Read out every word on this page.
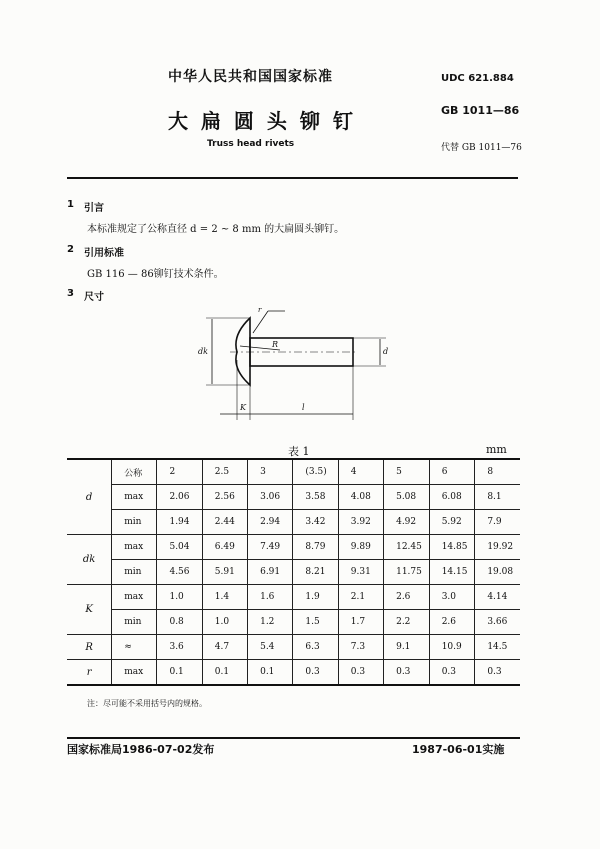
中华人民共和国国家标准
大 扁 圆 头 铆 钉
Truss head rivets
UDC 621.884
GB 1011—86
代替 GB 1011—76
1 引言
本标准规定了公称直径 d = 2 ~ 8 mm 的大扁圆头铆钉。
2 引用标准
GB 116 — 86铆钉技术条件。
3 尺寸
r
R
dk	d
K	l
表 1	mm
d	公称	2	2.5	3	(3.5)	4	5	6	8
	max	2.06	2.56	3.06	3.58	4.08	5.08	6.08	8.1
	min	1.94	2.44	2.94	3.42	3.92	4.92	5.92	7.9
dk	max	5.04	6.49	7.49	8.79	9.89	12.45	14.85	19.92
	min	4.56	5.91	6.91	8.21	9.31	11.75	14.15	19.08
K	max	1.0	1.4	1.6	1.9	2.1	2.6	3.0	4.14
	min	0.8	1.0	1.2	1.5	1.7	2.2	2.6	3.66
R	≈	3.6	4.7	5.4	6.3	7.3	9.1	10.9	14.5
r	max	0.1	0.1	0.1	0.3	0.3	0.3	0.3	0.3
注：尽可能不采用括号内的规格。
国家标准局1986-07-02发布	1987-06-01实施
